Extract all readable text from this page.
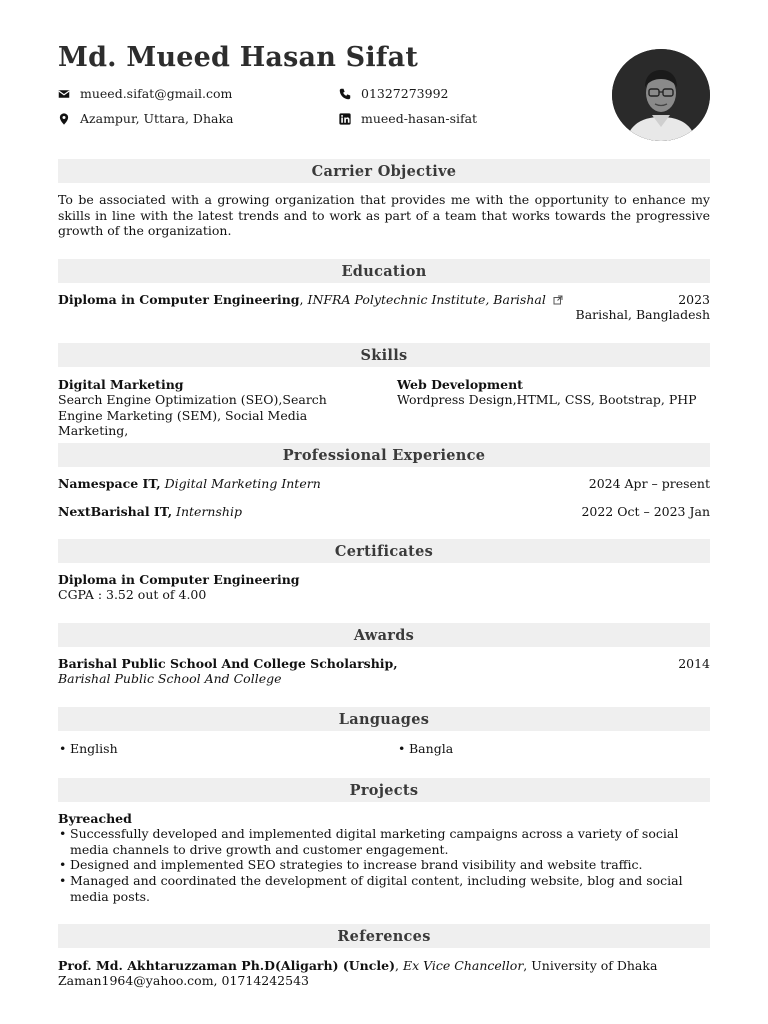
Md. Mueed Hasan Sifat
mueed.sifat@gmail.com	01327273992
Azampur, Uttara, Dhaka	mueed-hasan-sifat
Carrier Objective
To be associated with a growing organization that provides me with the opportunity to enhance my skills in line with the latest trends and to work as part of a team that works towards the progressive growth of the organization.
Education
Diploma in Computer Engineering, INFRA Polytechnic Institute, Barishal	2023
Barishal, Bangladesh
Skills
Digital Marketing
Search Engine Optimization (SEO),Search Engine Marketing (SEM), Social Media Marketing,
Web Development
Wordpress Design,HTML, CSS, Bootstrap, PHP
Professional Experience
Namespace IT, Digital Marketing Intern	2024 Apr – present
NextBarishal IT, Internship	2022 Oct – 2023 Jan
Certificates
Diploma in Computer Engineering
CGPA : 3.52 out of 4.00
Awards
Barishal Public School And College Scholarship,
Barishal Public School And College
2014
Languages
• English
•	Bangla
Projects
Byreached
• Successfully developed and implemented digital marketing campaigns across a variety of social media channels to drive growth and customer engagement.
• Designed and implemented SEO strategies to increase brand visibility and website traffic.
• Managed and coordinated the development of digital content, including website, blog and social media posts.
References
Prof. Md. Akhtaruzzaman Ph.D(Aligarh) (Uncle), Ex Vice Chancellor, University of Dhaka
Zaman1964@yahoo.com, 01714242543
